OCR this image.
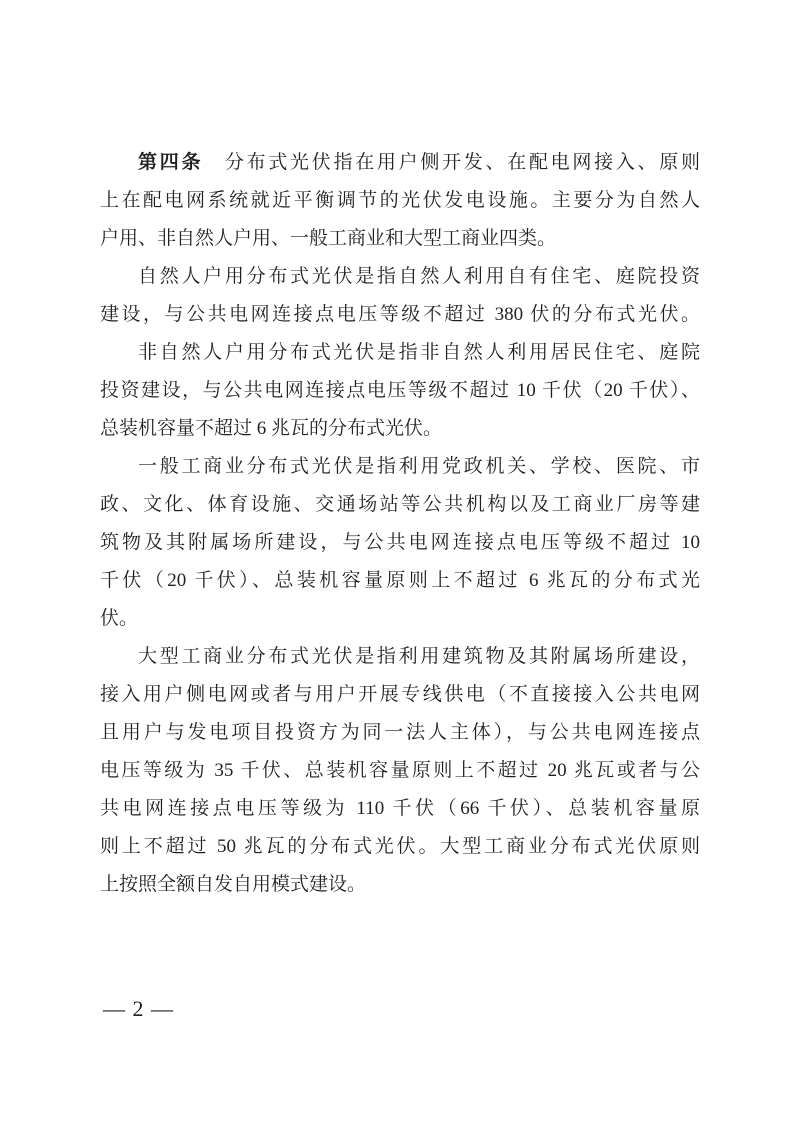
第四条　分布式光伏指在用户侧开发、在配电网接入、原则
上在配电网系统就近平衡调节的光伏发电设施。主要分为自然人
户用、非自然人户用、一般工商业和大型工商业四类。
自然人户用分布式光伏是指自然人利用自有住宅、庭院投资
建设，与公共电网连接点电压等级不超过 380 伏的分布式光伏。
非自然人户用分布式光伏是指非自然人利用居民住宅、庭院
投资建设，与公共电网连接点电压等级不超过 10 千伏（20 千伏）、
总装机容量不超过 6 兆瓦的分布式光伏。
一般工商业分布式光伏是指利用党政机关、学校、医院、市
政、文化、体育设施、交通场站等公共机构以及工商业厂房等建
筑物及其附属场所建设，与公共电网连接点电压等级不超过 10
千伏（20 千伏）、总装机容量原则上不超过 6 兆瓦的分布式光
伏。
大型工商业分布式光伏是指利用建筑物及其附属场所建设，
接入用户侧电网或者与用户开展专线供电（不直接接入公共电网
且用户与发电项目投资方为同一法人主体），与公共电网连接点
电压等级为 35 千伏、总装机容量原则上不超过 20 兆瓦或者与公
共电网连接点电压等级为 110 千伏（66 千伏）、总装机容量原
则上不超过 50 兆瓦的分布式光伏。大型工商业分布式光伏原则
上按照全额自发自用模式建设。
— 2 —
